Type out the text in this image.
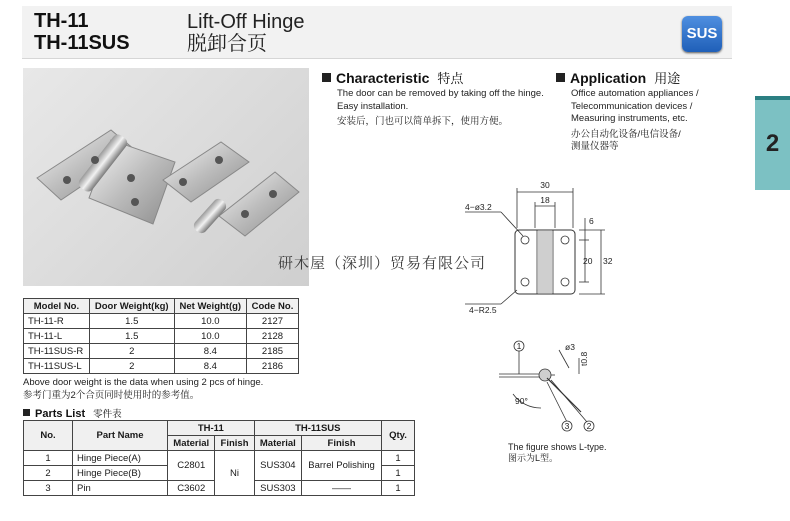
TH-11
TH-11SUS
Lift-Off Hinge
脱卸合页	SUS
2
研木屋（深圳）贸易有限公司
Characteristic 特点
The door can be removed by taking off the hinge.
Easy installation.
安装后，门也可以简单拆下，使用方便。
Application 用途
Office automation appliances /
Telecommunication devices /
Measuring instruments, etc.
办公自动化设备/电信设备/
测量仪器等
30
18
6
20 32
4−ø3.2
4−R2.5
1	ø3
t0.8
90°
3 2
The figure shows L-type.
图示为L型。
Model No.	Door Weight(kg)	Net Weight(g)	Code No.
TH-11-R	1.5	10.0	2127
TH-11-L	1.5	10.0	2128
TH-11SUS-R	2	8.4	2185
TH-11SUS-L	2	8.4	2186
Above door weight is the data when using 2 pcs of hinge.
参考门重为2个合页同时使用时的参考值。
Parts List 零件表
No.	Part Name	TH-11		TH-11SUS		Qty.
		Material	Finish	Material	Finish	
1	Hinge Piece(A)	C2801	Ni	SUS304	Barrel Polishing	1
2	Hinge Piece(B)					1
3	Pin	C3602		SUS303	——	1
